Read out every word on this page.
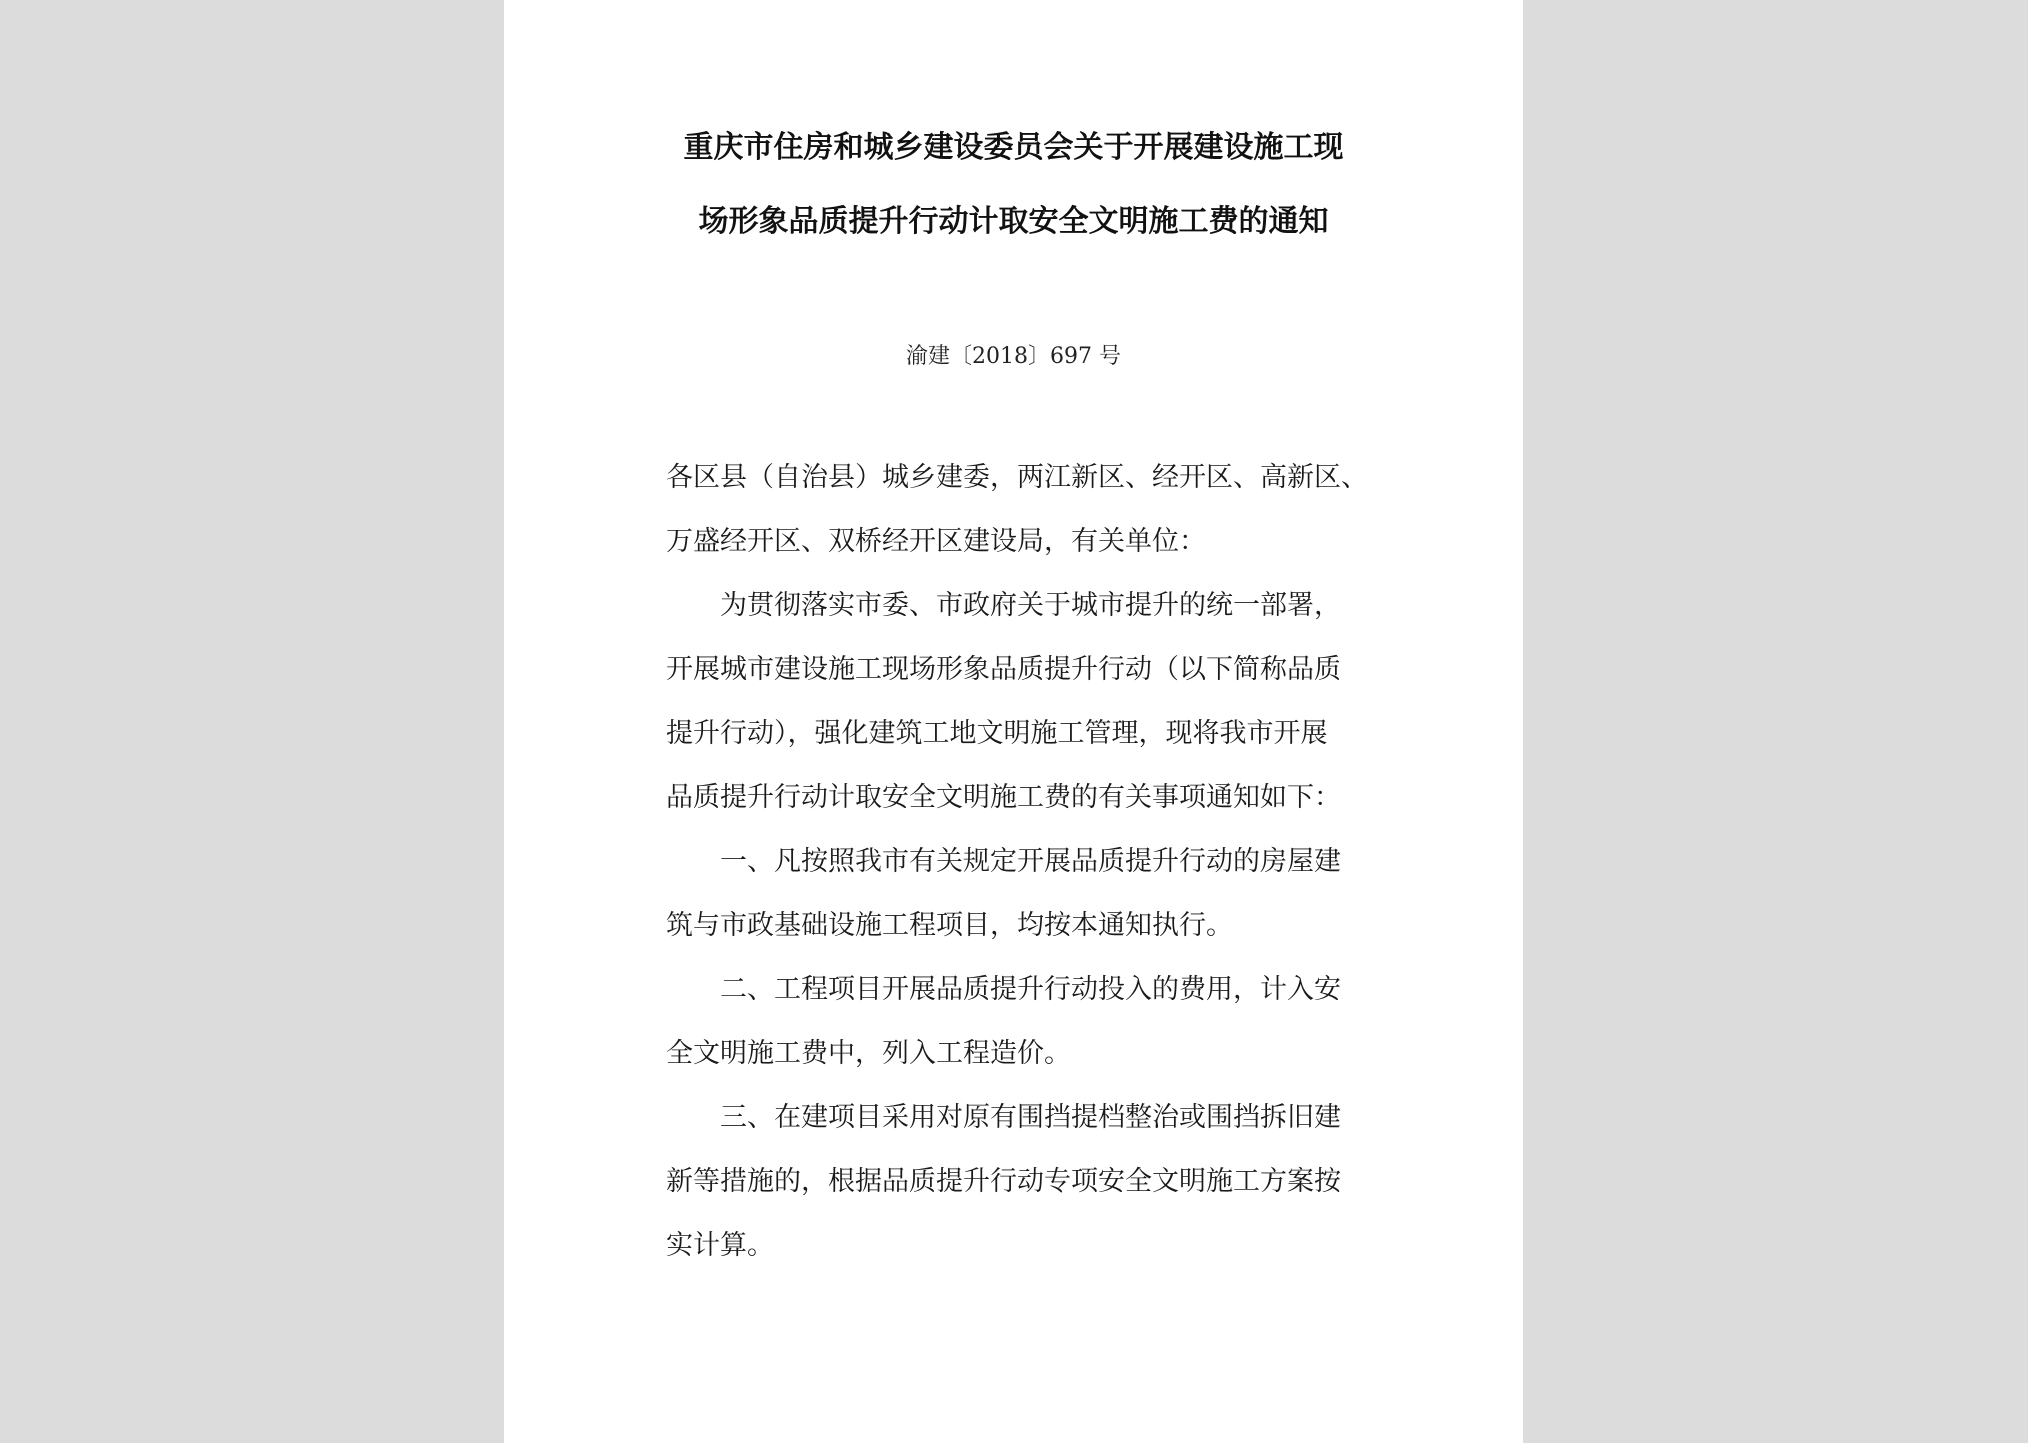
重庆市住房和城乡建设委员会关于开展建设施工现
场形象品质提升行动计取安全文明施工费的通知
渝建〔2018〕697 号
各区县（自治县）城乡建委，两江新区、经开区、高新区、
万盛经开区、双桥经开区建设局，有关单位：
为贯彻落实市委、市政府关于城市提升的统一部署，
开展城市建设施工现场形象品质提升行动（以下简称品质
提升行动），强化建筑工地文明施工管理，现将我市开展
品质提升行动计取安全文明施工费的有关事项通知如下：
一、凡按照我市有关规定开展品质提升行动的房屋建
筑与市政基础设施工程项目，均按本通知执行。
二、工程项目开展品质提升行动投入的费用，计入安
全文明施工费中，列入工程造价。
三、在建项目采用对原有围挡提档整治或围挡拆旧建
新等措施的，根据品质提升行动专项安全文明施工方案按
实计算。
